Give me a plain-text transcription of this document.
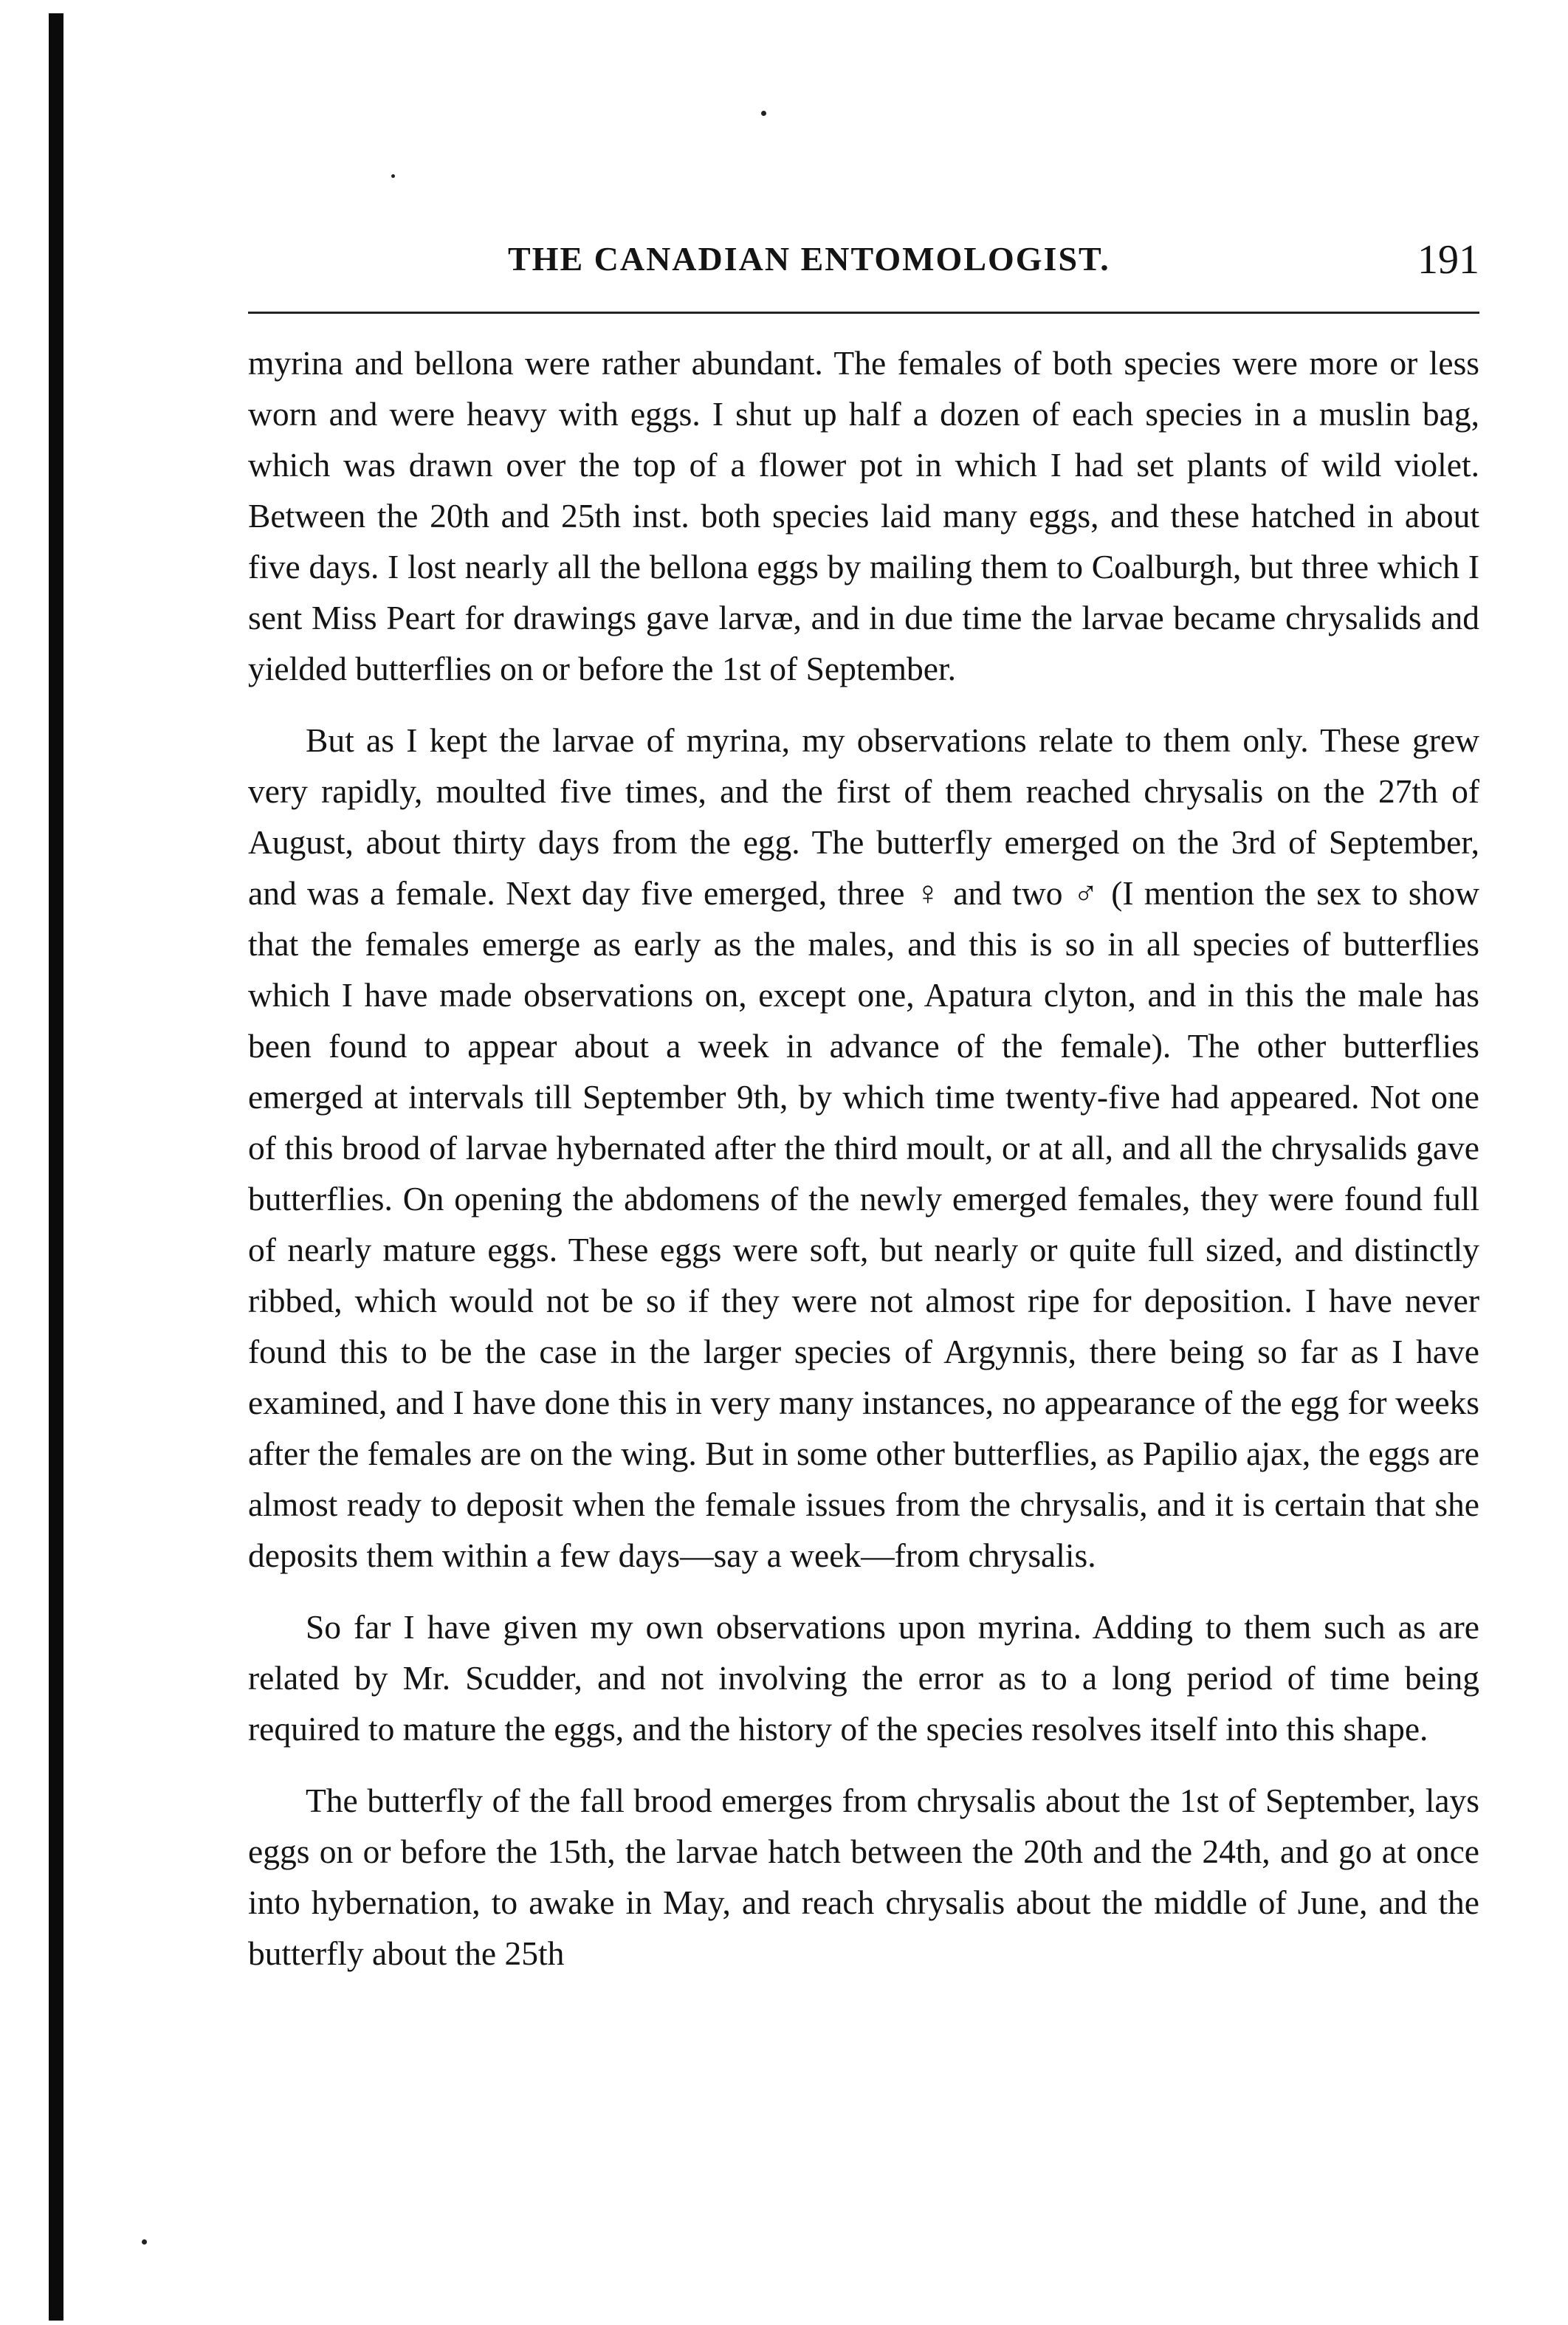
THE CANADIAN ENTOMOLOGIST.	191

myrina and bellona were rather abundant. The females of both species were more or less worn and were heavy with eggs. I shut up half a dozen of each species in a muslin bag, which was drawn over the top of a flower pot in which I had set plants of wild violet. Between the 20th and 25th inst. both species laid many eggs, and these hatched in about five days. I lost nearly all the bellona eggs by mailing them to Coalburgh, but three which I sent Miss Peart for drawings gave larvæ, and in due time the larvae became chrysalids and yielded butterflies on or before the 1st of September.

But as I kept the larvae of myrina, my observations relate to them only. These grew very rapidly, moulted five times, and the first of them reached chrysalis on the 27th of August, about thirty days from the egg. The butterfly emerged on the 3rd of September, and was a female. Next day five emerged, three ♀ and two ♂ (I mention the sex to show that the females emerge as early as the males, and this is so in all species of butterflies which I have made observations on, except one, Apatura clyton, and in this the male has been found to appear about a week in advance of the female). The other butterflies emerged at intervals till September 9th, by which time twenty-five had appeared. Not one of this brood of larvae hybernated after the third moult, or at all, and all the chrysalids gave butterflies. On opening the abdomens of the newly emerged females, they were found full of nearly mature eggs. These eggs were soft, but nearly or quite full sized, and distinctly ribbed, which would not be so if they were not almost ripe for deposition. I have never found this to be the case in the larger species of Argynnis, there being so far as I have examined, and I have done this in very many instances, no appearance of the egg for weeks after the females are on the wing. But in some other butterflies, as Papilio ajax, the eggs are almost ready to deposit when the female issues from the chrysalis, and it is certain that she deposits them within a few days—say a week—from chrysalis.

So far I have given my own observations upon myrina. Adding to them such as are related by Mr. Scudder, and not involving the error as to a long period of time being required to mature the eggs, and the history of the species resolves itself into this shape.

The butterfly of the fall brood emerges from chrysalis about the 1st of September, lays eggs on or before the 15th, the larvae hatch between the 20th and the 24th, and go at once into hybernation, to awake in May, and reach chrysalis about the middle of June, and the butterfly about the 25th
